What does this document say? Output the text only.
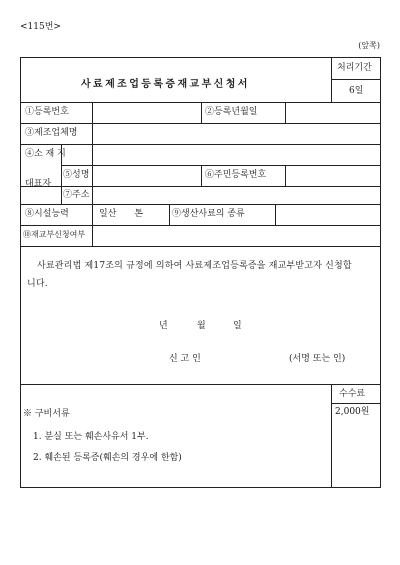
<115번>
(앞쪽)
사료제조업등록증재교부신청서
처리기간
6일
①등록번호	②등록년월일
③제조업체명
④소 재 지
대표자
⑤성명	⑥주민등록번호
⑦주소
⑧시설능력	일산　　톤	⑨생산사료의 종류
⑩재교부신청여부
사료관리법 제17조의 규정에 의하여 사료제조업등록증을 재교부받고자 신청합니다.
년	월	일
신 고 인	(서명 또는 인)
수수료
2,000원
※ 구비서류
1. 분실 또는 훼손사유서 1부.
2. 훼손된 등록증(훼손의 경우에 한함)
